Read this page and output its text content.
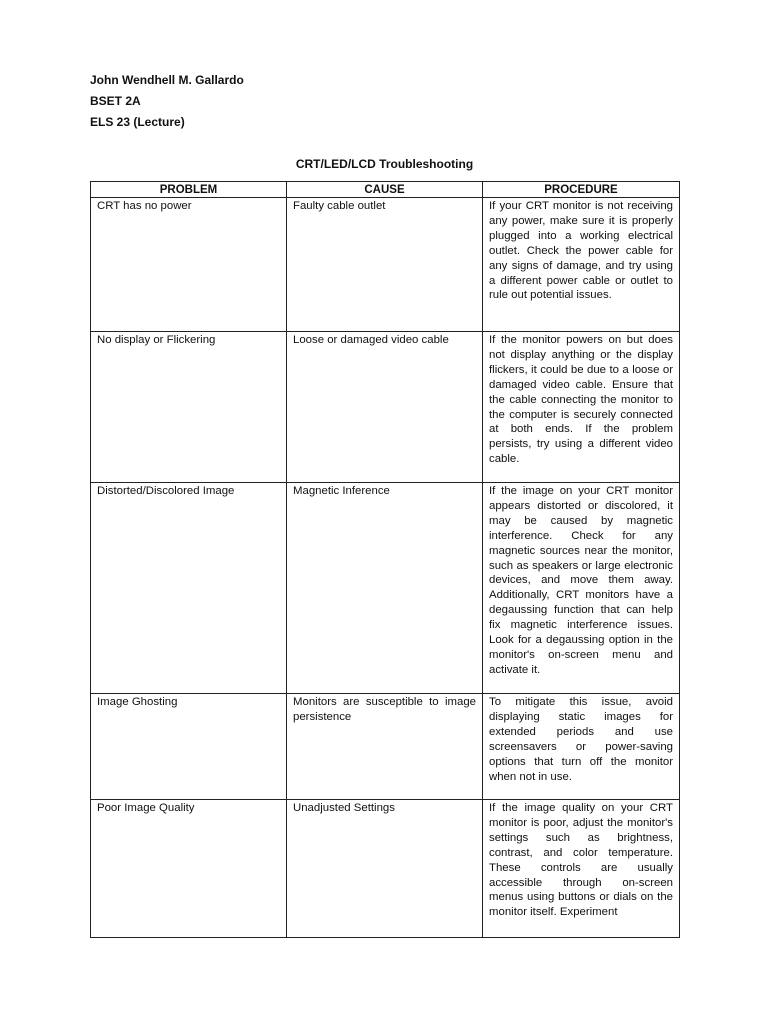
John Wendhell M. Gallardo
BSET 2A
ELS 23 (Lecture)
CRT/LED/LCD Troubleshooting
PROBLEM	CAUSE	PROCEDURE
CRT has no power	Faulty cable outlet	If your CRT monitor is not receiving any power, make sure it is properly plugged into a working electrical outlet. Check the power cable for any signs of damage, and try using a different power cable or outlet to rule out potential issues.
No display or Flickering	Loose or damaged video cable	If the monitor powers on but does not display anything or the display flickers, it could be due to a loose or damaged video cable. Ensure that the cable connecting the monitor to the computer is securely connected at both ends. If the problem persists, try using a different video cable.
Distorted/Discolored Image	Magnetic Inference	If the image on your CRT monitor appears distorted or discolored, it may be caused by magnetic interference. Check for any magnetic sources near the monitor, such as speakers or large electronic devices, and move them away. Additionally, CRT monitors have a degaussing function that can help fix magnetic interference issues. Look for a degaussing option in the monitor's on-screen menu and activate it.
Image Ghosting	Monitors are susceptible to image persistence	To mitigate this issue, avoid displaying static images for extended periods and use screensavers or power-saving options that turn off the monitor when not in use.
Poor Image Quality	Unadjusted Settings	If the image quality on your CRT monitor is poor, adjust the monitor's settings such as brightness, contrast, and color temperature. These controls are usually accessible through on-screen menus using buttons or dials on the monitor itself. Experiment
